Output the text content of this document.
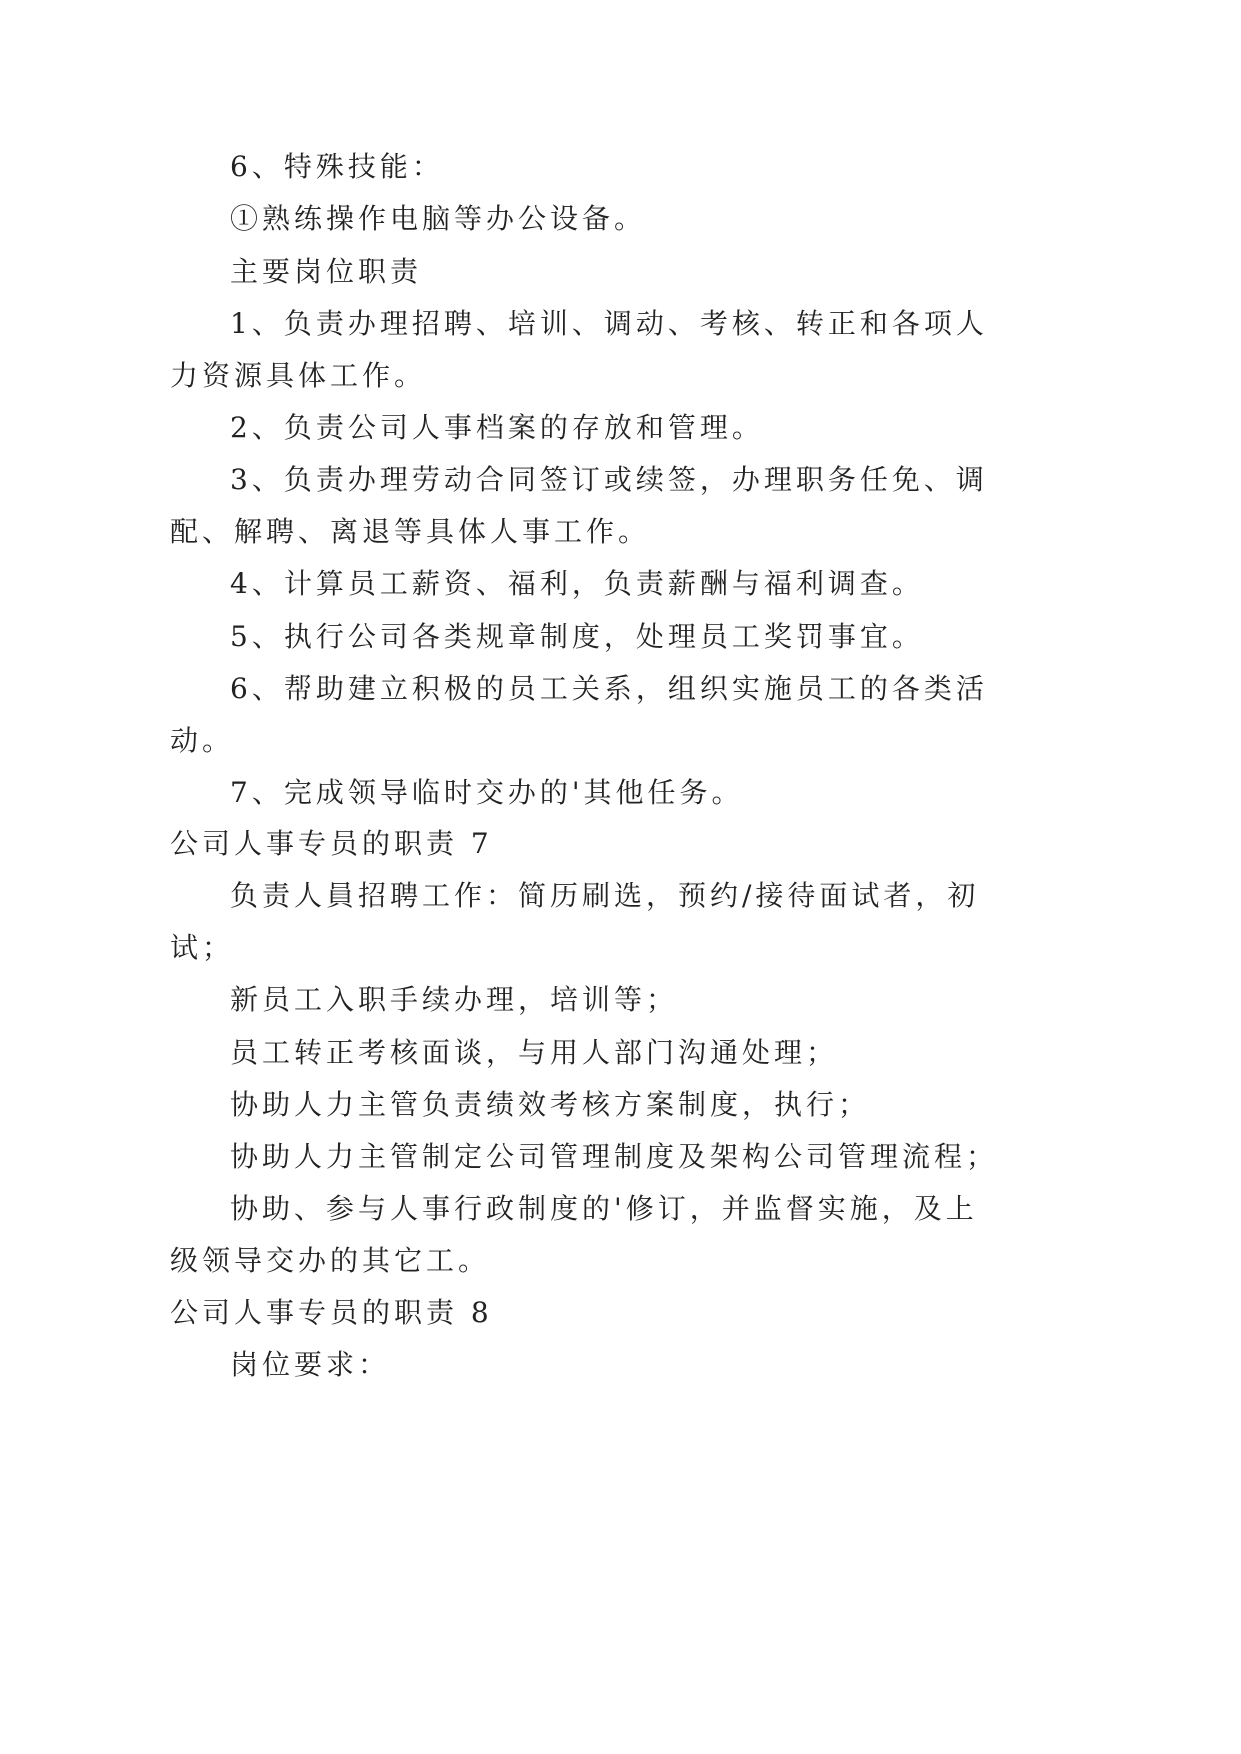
6、特殊技能：
①熟练操作电脑等办公设备。
主要岗位职责
1、负责办理招聘、培训、调动、考核、转正和各项人
力资源具体工作。
2、负责公司人事档案的存放和管理。
3、负责办理劳动合同签订或续签，办理职务任免、调
配、解聘、离退等具体人事工作。
4、计算员工薪资、福利，负责薪酬与福利调查。
5、执行公司各类规章制度，处理员工奖罚事宜。
6、帮助建立积极的员工关系，组织实施员工的各类活
动。
7、完成领导临时交办的'其他任务。
公司人事专员的职责 7
负责人員招聘工作：简历刷选，预约/接待面试者，初
试；
新员工入职手续办理，培训等；
员工转正考核面谈，与用人部门沟通处理；
协助人力主管负责绩效考核方案制度，执行；
协助人力主管制定公司管理制度及架构公司管理流程；
协助、参与人事行政制度的'修订，并监督实施，及上
级领导交办的其它工。
公司人事专员的职责 8
岗位要求：
